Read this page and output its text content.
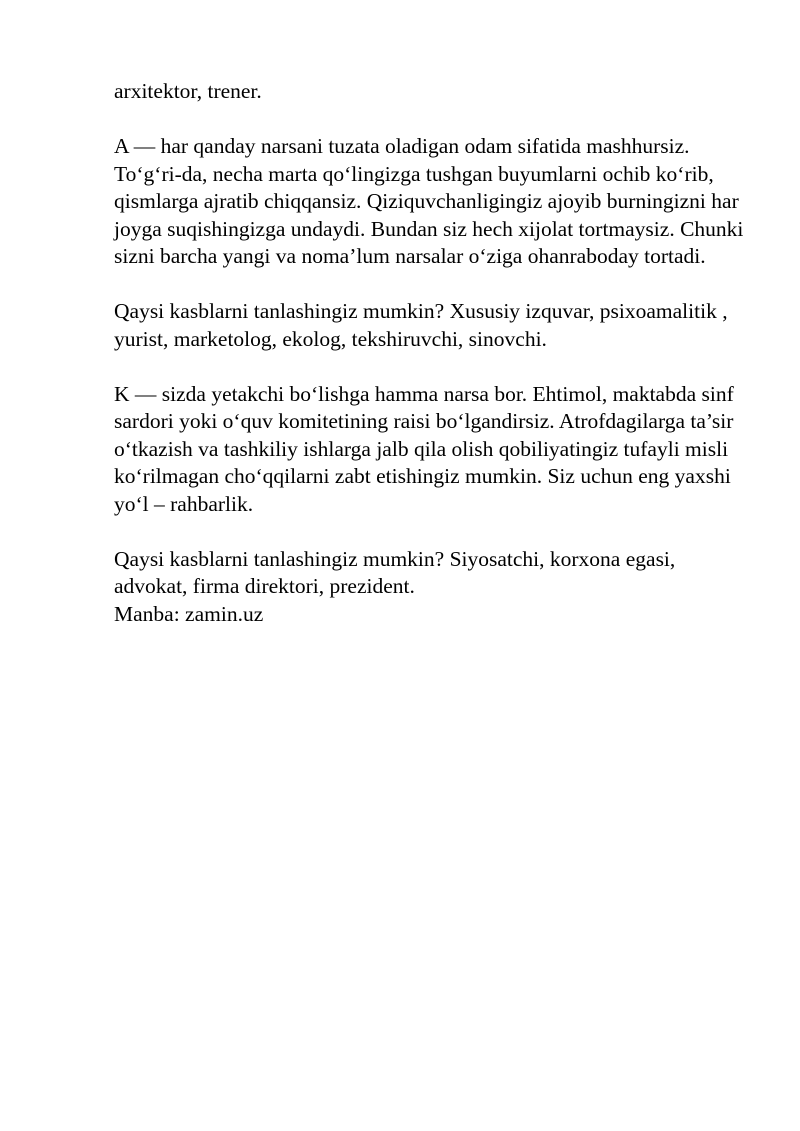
arxitektor, trener.

A — har qanday narsani tuzata oladigan odam sifatida mashhursiz. To‘g‘ri-da, necha marta qo‘lingizga tushgan buyumlarni ochib ko‘rib, qismlarga ajratib chiqqansiz. Qiziquvchanligingiz ajoyib burningizni har joyga suqishingizga undaydi. Bundan siz hech xijolat tortmaysiz. Chunki sizni barcha yangi va noma’lum narsalar o‘ziga ohanraboday tortadi.

Qaysi kasblarni tanlashingiz mumkin? Xususiy izquvar, psixoamalitik , yurist, marketolog, ekolog, tekshiruvchi, sinovchi.

K — sizda yetakchi bo‘lishga hamma narsa bor. Ehtimol, maktabda sinf sardori yoki o‘quv komitetining raisi bo‘lgandirsiz. Atrofdagilarga ta’sir o‘tkazish va tashkiliy ishlarga jalb qila olish qobiliyatingiz tufayli misli ko‘rilmagan cho‘qqilarni zabt etishingiz mumkin. Siz uchun eng yaxshi yo‘l – rahbarlik.

Qaysi kasblarni tanlashingiz mumkin? Siyosatchi, korxona egasi, advokat, firma direktori, prezident.

Manba: zamin.uz
